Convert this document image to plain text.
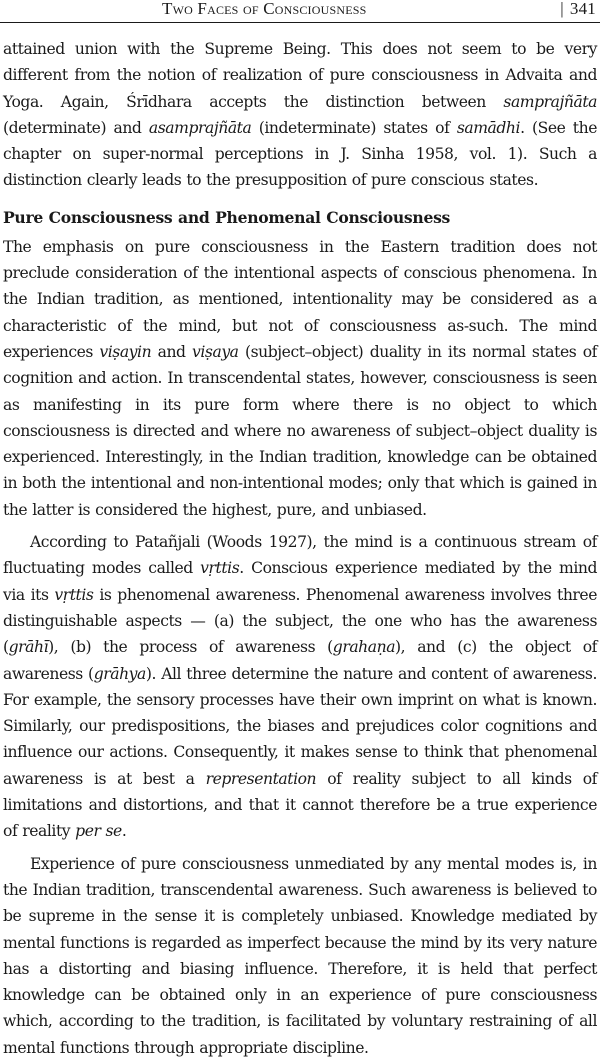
Two Faces of Consciousness	| 341

attained union with the Supreme Being. This does not seem to be very different from the notion of realization of pure consciousness in Advaita and Yoga. Again, Śrīdhara accepts the distinction between samprajñāta (determinate) and asamprajñāta (indeterminate) states of samādhi. (See the chapter on super-normal perceptions in J. Sinha 1958, vol. 1). Such a distinction clearly leads to the presupposition of pure conscious states.

Pure Consciousness and Phenomenal Consciousness

The emphasis on pure consciousness in the Eastern tradition does not preclude consideration of the intentional aspects of conscious phenomena. In the Indian tradition, as mentioned, intentionality may be considered as a characteristic of the mind, but not of consciousness as-such. The mind experiences viṣayin and viṣaya (subject–object) duality in its normal states of cognition and action. In transcendental states, however, consciousness is seen as manifesting in its pure form where there is no object to which consciousness is directed and where no awareness of subject–object duality is experienced. Interestingly, in the Indian tradition, knowledge can be obtained in both the intentional and non-intentional modes; only that which is gained in the latter is considered the highest, pure, and unbiased.

According to Patañjali (Woods 1927), the mind is a continuous stream of fluctuating modes called vṛttis. Conscious experience mediated by the mind via its vṛttis is phenomenal awareness. Phenomenal awareness involves three distinguishable aspects — (a) the subject, the one who has the awareness (grāhī), (b) the process of awareness (grahaṇa), and (c) the object of awareness (grāhya). All three determine the nature and content of awareness. For example, the sensory processes have their own imprint on what is known. Similarly, our predispositions, the biases and prejudices color cognitions and influence our actions. Consequently, it makes sense to think that phenomenal awareness is at best a representation of reality subject to all kinds of limitations and distortions, and that it cannot therefore be a true experience of reality per se.

Experience of pure consciousness unmediated by any mental modes is, in the Indian tradition, transcendental awareness. Such awareness is believed to be supreme in the sense it is completely unbiased. Knowledge mediated by mental functions is regarded as imperfect because the mind by its very nature has a distorting and biasing influence. Therefore, it is held that perfect knowledge can be obtained only in an experience of pure consciousness which, according to the tradition, is facilitated by voluntary restraining of all mental functions through appropriate discipline.
